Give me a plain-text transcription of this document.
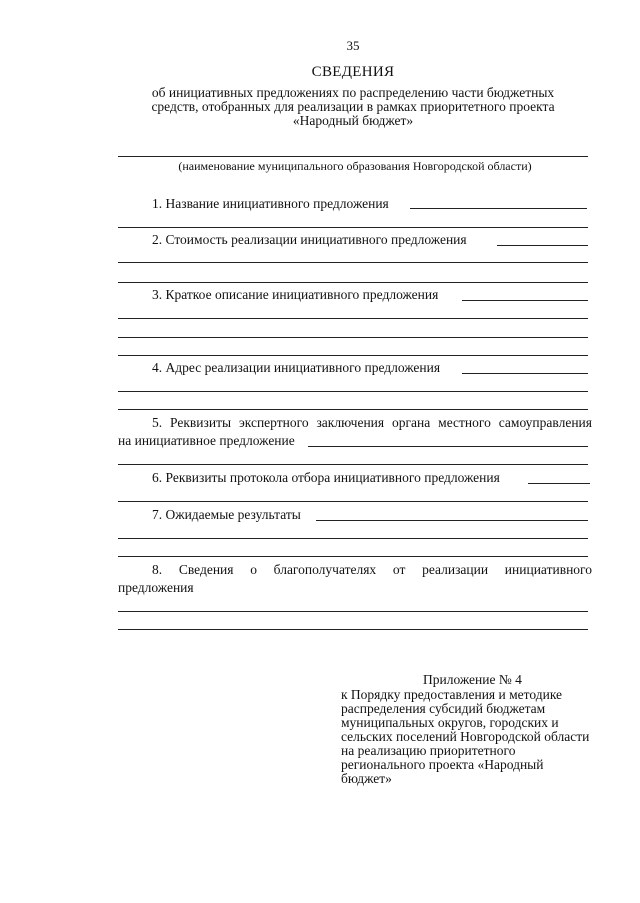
35
СВЕДЕНИЯ
об инициативных предложениях по распределению части бюджетных средств, отобранных для реализации в рамках приоритетного проекта «Народный бюджет»
(наименование муниципального образования Новгородской области)
1. Название инициативного предложения
2. Стоимость реализации инициативного предложения
3. Краткое описание инициативного предложения
4. Адрес реализации инициативного предложения
5. Реквизиты экспертного заключения органа местного самоуправления
на инициативное предложение
6. Реквизиты протокола отбора инициативного предложения
7. Ожидаемые результаты
8. Сведения о благополучателях от реализации инициативного
предложения
Приложение № 4
к Порядку предоставления и методике распределения субсидий бюджетам муниципальных округов, городских и сельских поселений Новгородской области на реализацию приоритетного регионального проекта «Народный бюджет»
